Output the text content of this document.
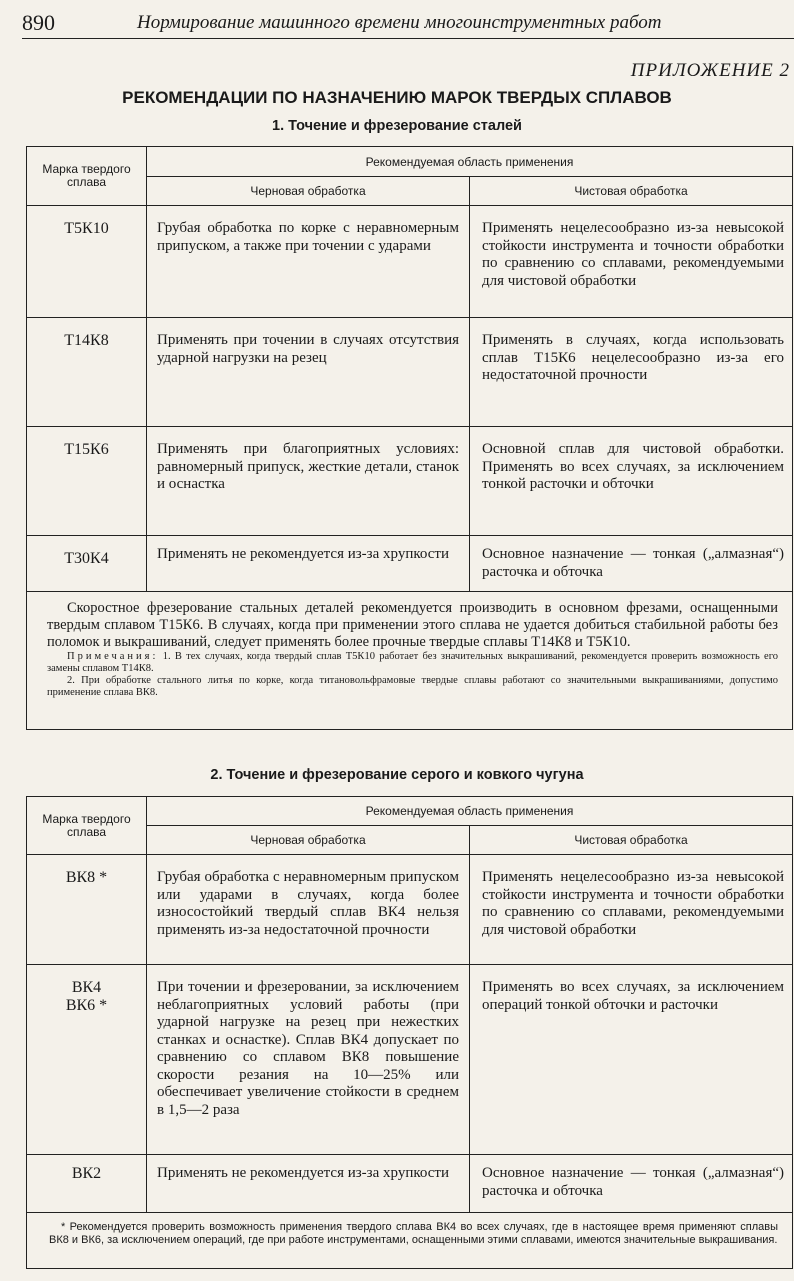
890	Нормирование машинного времени многоинструментных работ
ПРИЛОЖЕНИЕ 2
РЕКОМЕНДАЦИИ ПО НАЗНАЧЕНИЮ МАРОК ТВЕРДЫХ СПЛАВОВ
1. Точение и фрезерование сталей
Марка твердого сплава	Рекомендуемая область применения	
	Черновая обработка	Чистовая обработка
Т5К10	Грубая обработка по корке с неравномерным припуском, а также при точении с ударами	Применять нецелесообразно из-за невысокой стойкости инструмента и точности обработки по сравнению со сплавами, рекомендуемыми для чистовой обработки
Т14К8	Применять при точении в случаях отсутствия ударной нагрузки на резец	Применять в случаях, когда использовать сплав Т15К6 нецелесообразно из-за его недостаточной прочности
Т15К6	Применять при благоприятных условиях: равномерный припуск, жесткие детали, станок и оснастка	Основной сплав для чистовой обработки. Применять во всех случаях, за исключением тонкой расточки и обточки
Т30К4	Применять не рекомендуется из-за хрупкости	Основное назначение — тонкая („алмазная“) расточка и обточка

Скоростное фрезерование стальных деталей рекомендуется производить в основном фрезами, оснащенными твердым сплавом Т15К6. В случаях, когда при применении этого сплава не удается добиться стабильной работы без поломок и выкрашиваний, следует применять более прочные твердые сплавы Т14К8 и Т5К10.

Примечания: 1. В тех случаях, когда твердый сплав Т5К10 работает без значительных выкрашиваний, рекомендуется проверить возможность его замены сплавом Т14К8.

2. При обработке стального литья по корке, когда титановольфрамовые твердые сплавы работают со значительными выкрашиваниями, допустимо применение сплава ВК8.		

2. Точение и фрезерование серого и ковкого чугуна
Марка твердого сплава	Рекомендуемая область применения	
	Черновая обработка	Чистовая обработка
ВК8 *	Грубая обработка с неравномерным припуском или ударами в случаях, когда более износостойкий твердый сплав ВК4 нельзя применять из-за недостаточной прочности	Применять нецелесообразно из-за невысокой стойкости инструмента и точности обработки по сравнению со сплавами, рекомендуемыми для чистовой обработки
ВК4
ВК6 *	При точении и фрезеровании, за исключением неблагоприятных условий работы (при ударной нагрузке на резец при нежестких станках и оснастке). Сплав ВК4 допускает по сравнению со сплавом ВК8 повышение скорости резания на 10—25% или обеспечивает увеличение стойкости в среднем в 1,5—2 раза	Применять во всех случаях, за исключением операций тонкой обточки и расточки
ВК2	Применять не рекомендуется из-за хрупкости	Основное назначение — тонкая („алмазная“) расточка и обточка

* Рекомендуется проверить возможность применения твердого сплава ВК4 во всех случаях, где в настоящее время применяют сплавы ВК8 и ВК6, за исключением операций, где при работе инструментами, оснащенными этими сплавами, имеются значительные выкрашивания.		
